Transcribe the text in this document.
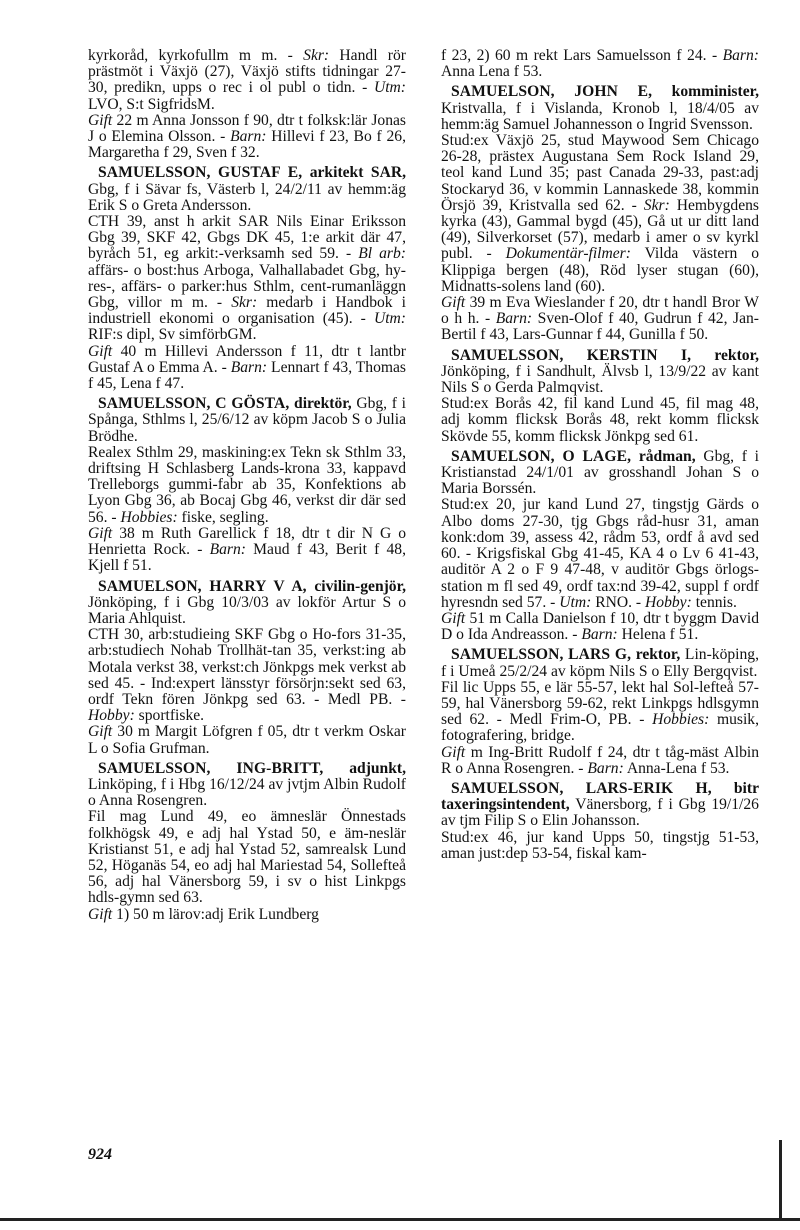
kyrkoråd, kyrkofullm m m. - Skr: Handl rör prästmöt i Växjö (27), Växjö stifts tidningar 27-30, predikn, upps o rec i ol publ o tidn. - Utm: LVO, S:t SigfridsM.

Gift 22 m Anna Jonsson f 90, dtr t folksk:lär Jonas J o Elemina Olsson. - Barn: Hillevi f 23, Bo f 26, Margaretha f 29, Sven f 32.

SAMUELSSON, GUSTAF E, arkitekt SAR, Gbg, f i Sävar fs, Västerb l, 24/2/11 av hemm:äg Erik S o Greta Andersson.

CTH 39, anst h arkit SAR Nils Einar Eriksson Gbg 39, SKF 42, Gbgs DK 45, 1:e arkit där 47, byråch 51, eg arkit:-verksamh sed 59. - Bl arb: affärs- o bost:hus Arboga, Valhallabadet Gbg, hy-res-, affärs- o parker:hus Sthlm, cent-rumanläggn Gbg, villor m m. - Skr: medarb i Handbok i industriell ekonomi o organisation (45). - Utm: RIF:s dipl, Sv simförbGM.

Gift 40 m Hillevi Andersson f 11, dtr t lantbr Gustaf A o Emma A. - Barn: Lennart f 43, Thomas f 45, Lena f 47.

SAMUELSSON, C GÖSTA, direktör, Gbg, f i Spånga, Sthlms l, 25/6/12 av köpm Jacob S o Julia Brödhe.

Realex Sthlm 29, maskining:ex Tekn sk Sthlm 33, driftsing H Schlasberg Lands-krona 33, kappavd Trelleborgs gummi-fabr ab 35, Konfektions ab Lyon Gbg 36, ab Bocaj Gbg 46, verkst dir där sed 56. - Hobbies: fiske, segling.

Gift 38 m Ruth Garellick f 18, dtr t dir N G o Henrietta Rock. - Barn: Maud f 43, Berit f 48, Kjell f 51.

SAMUELSON, HARRY V A, civilin-genjör, Jönköping, f i Gbg 10/3/03 av lokför Artur S o Maria Ahlquist.

CTH 30, arb:studieing SKF Gbg o Ho-fors 31-35, arb:studiech Nohab Trollhät-tan 35, verkst:ing ab Motala verkst 38, verkst:ch Jönkpgs mek verkst ab sed 45. - Ind:expert länsstyr försörjn:sekt sed 63, ordf Tekn fören Jönkpg sed 63. - Medl PB. - Hobby: sportfiske.

Gift 30 m Margit Löfgren f 05, dtr t verkm Oskar L o Sofia Grufman.

SAMUELSSON, ING-BRITT, adjunkt, Linköping, f i Hbg 16/12/24 av jvtjm Albin Rudolf o Anna Rosengren.

Fil mag Lund 49, eo ämneslär Önnestads folkhögsk 49, e adj hal Ystad 50, e äm-neslär Kristianst 51, e adj hal Ystad 52, samrealsk Lund 52, Höganäs 54, eo adj hal Mariestad 54, Sollefteå 56, adj hal Vänersborg 59, i sv o hist Linkpgs hdls-gymn sed 63.

Gift 1) 50 m lärov:adj Erik Lundberg

f 23, 2) 60 m rekt Lars Samuelsson f 24. - Barn: Anna Lena f 53.

SAMUELSON, JOHN E, komminister, Kristvalla, f i Vislanda, Kronob l, 18/4/05 av hemm:äg Samuel Johannesson o Ingrid Svensson.

Stud:ex Växjö 25, stud Maywood Sem Chicago 26-28, prästex Augustana Sem Rock Island 29, teol kand Lund 35; past Canada 29-33, past:adj Stockaryd 36, v kommin Lannaskede 38, kommin Örsjö 39, Kristvalla sed 62. - Skr: Hembygdens kyrka (43), Gammal bygd (45), Gå ut ur ditt land (49), Silverkorset (57), medarb i amer o sv kyrkl publ. - Dokumentär-filmer: Vilda västern o Klippiga bergen (48), Röd lyser stugan (60), Midnatts-solens land (60).

Gift 39 m Eva Wieslander f 20, dtr t handl Bror W o h h. - Barn: Sven-Olof f 40, Gudrun f 42, Jan-Bertil f 43, Lars-Gunnar f 44, Gunilla f 50.

SAMUELSSON, KERSTIN I, rektor, Jönköping, f i Sandhult, Älvsb l, 13/9/22 av kant Nils S o Gerda Palmqvist.

Stud:ex Borås 42, fil kand Lund 45, fil mag 48, adj komm flicksk Borås 48, rekt komm flicksk Skövde 55, komm flicksk Jönkpg sed 61.

SAMUELSON, O LAGE, rådman, Gbg, f i Kristianstad 24/1/01 av grosshandl Johan S o Maria Borssén.

Stud:ex 20, jur kand Lund 27, tingstjg Gärds o Albo doms 27-30, tjg Gbgs råd-husr 31, aman konk:dom 39, assess 42, rådm 53, ordf å avd sed 60. - Krigsfiskal Gbg 41-45, KA 4 o Lv 6 41-43, auditör A 2 o F 9 47-48, v auditör Gbgs örlogs-station m fl sed 49, ordf tax:nd 39-42, suppl f ordf hyresndn sed 57. - Utm: RNO. - Hobby: tennis.

Gift 51 m Calla Danielson f 10, dtr t byggm David D o Ida Andreasson. - Barn: Helena f 51.

SAMUELSSON, LARS G, rektor, Lin-köping, f i Umeå 25/2/24 av köpm Nils S o Elly Bergqvist.

Fil lic Upps 55, e lär 55-57, lekt hal Sol-lefteå 57-59, hal Vänersborg 59-62, rekt Linkpgs hdlsgymn sed 62. - Medl Frim-O, PB. - Hobbies: musik, fotografering, bridge.

Gift m Ing-Britt Rudolf f 24, dtr t tåg-mäst Albin R o Anna Rosengren. - Barn: Anna-Lena f 53.

SAMUELSSON, LARS-ERIK H, bitr taxeringsintendent, Vänersborg, f i Gbg 19/1/26 av tjm Filip S o Elin Johansson.

Stud:ex 46, jur kand Upps 50, tingstjg 51-53, aman just:dep 53-54, fiskal kam-

924
